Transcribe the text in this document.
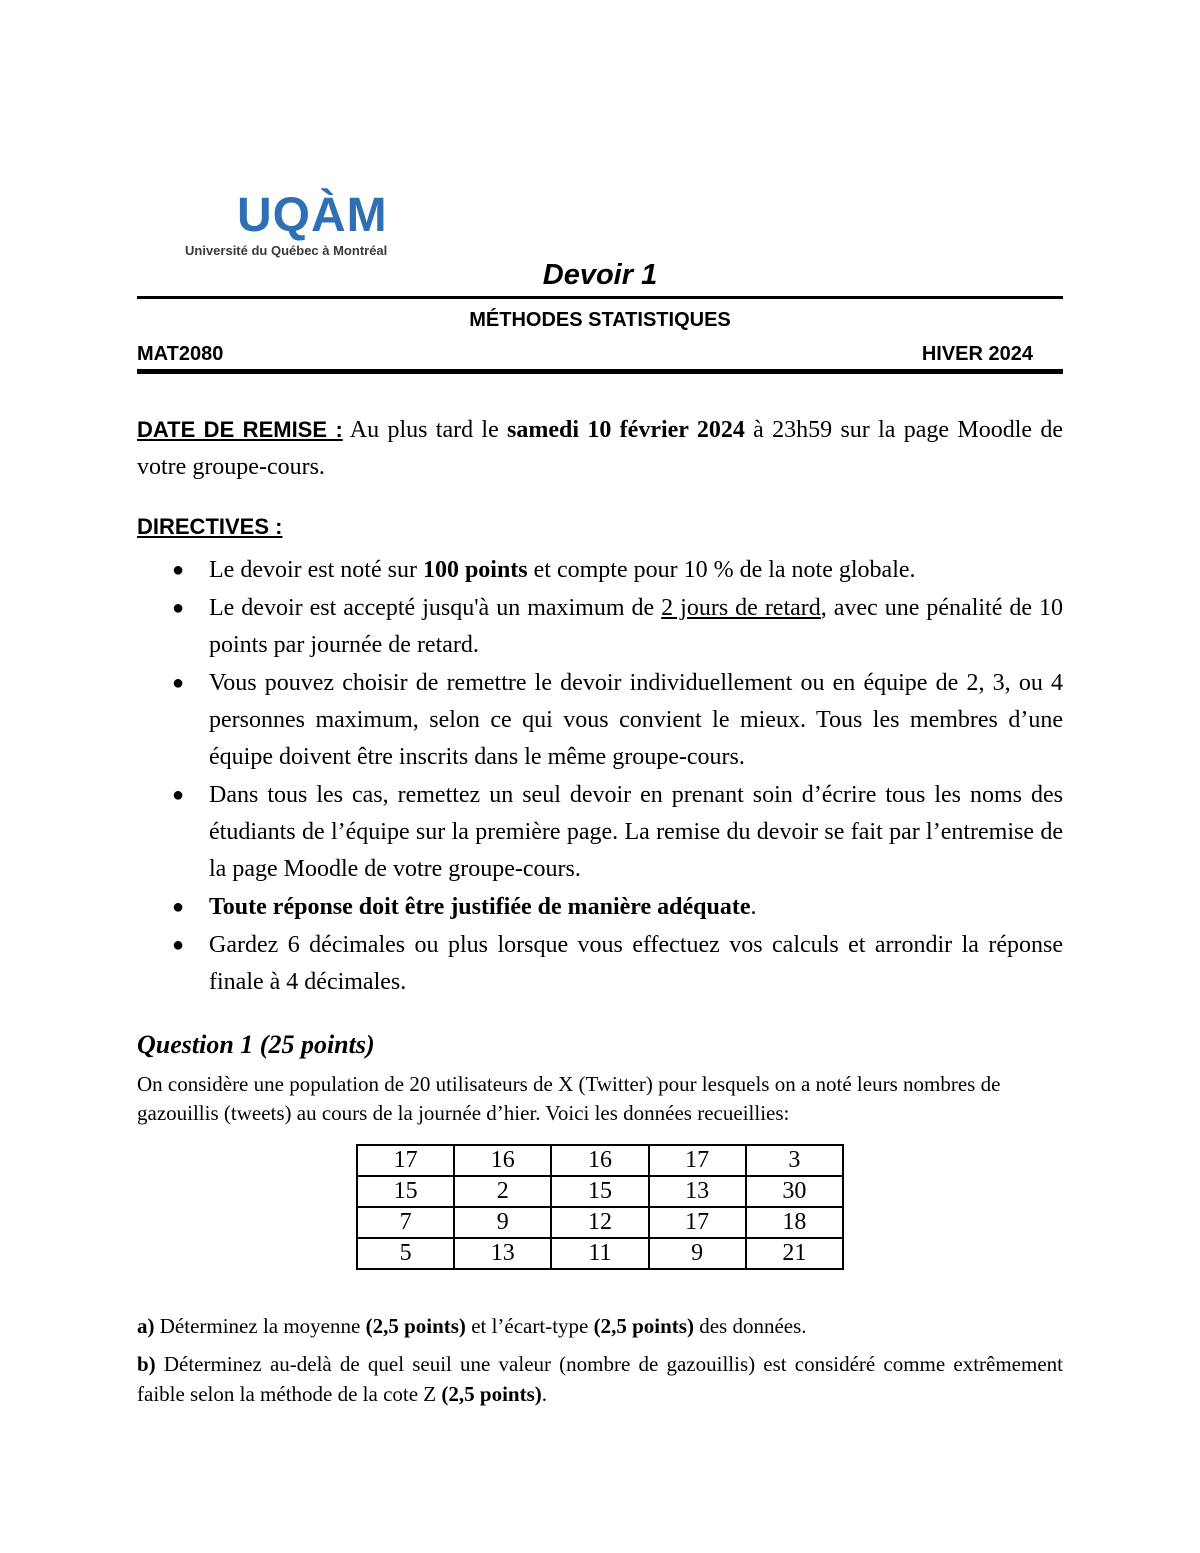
UQÀM
Université du Québec à Montréal
Devoir 1
MÉTHODES STATISTIQUES
MAT2080	HIVER 2024
DATE DE REMISE : Au plus tard le samedi 10 février 2024 à 23h59 sur la page Moodle de votre groupe-cours.
DIRECTIVES :
● Le devoir est noté sur 100 points et compte pour 10 % de la note globale.
● Le devoir est accepté jusqu'à un maximum de 2 jours de retard, avec une pénalité de 10 points par journée de retard.
● Vous pouvez choisir de remettre le devoir individuellement ou en équipe de 2, 3, ou 4 personnes maximum, selon ce qui vous convient le mieux. Tous les membres d’une équipe doivent être inscrits dans le même groupe-cours.
● Dans tous les cas, remettez un seul devoir en prenant soin d’écrire tous les noms des étudiants de l’équipe sur la première page. La remise du devoir se fait par l’entremise de la page Moodle de votre groupe-cours.
● Toute réponse doit être justifiée de manière adéquate.
● Gardez 6 décimales ou plus lorsque vous effectuez vos calculs et arrondir la réponse finale à 4 décimales.
Question 1 (25 points)
On considère une population de 20 utilisateurs de X (Twitter) pour lesquels on a noté leurs nombres de gazouillis (tweets) au cours de la journée d’hier. Voici les données recueillies:
17	16	16	17	3
15	2	15	13	30
7	9	12	17	18
5	13	11	9	21
a) Déterminez la moyenne (2,5 points) et l’écart-type (2,5 points) des données.
b) Déterminez au-delà de quel seuil une valeur (nombre de gazouillis) est considéré comme extrêmement faible selon la méthode de la cote Z (2,5 points).
